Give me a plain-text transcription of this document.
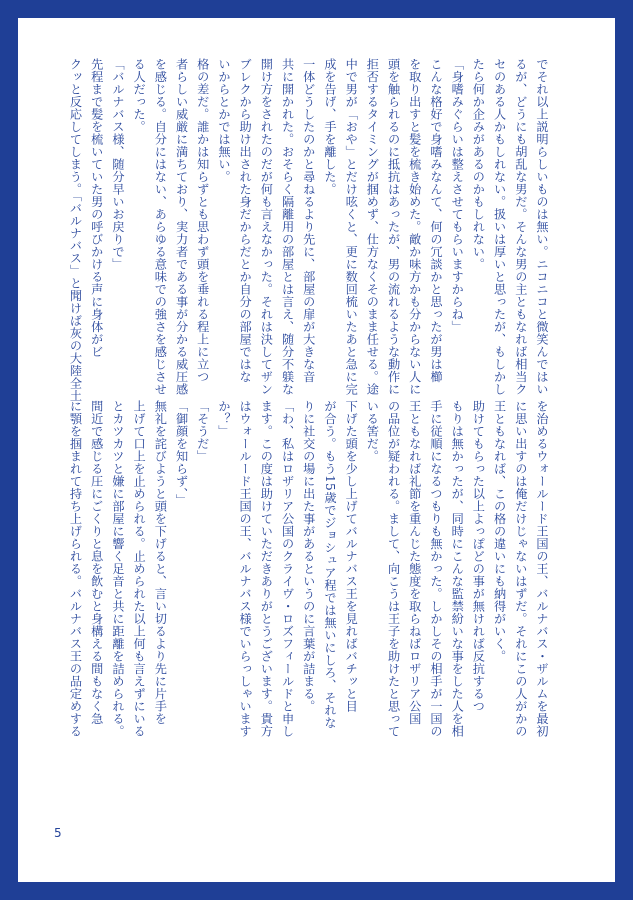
でそれ以上説明らしいものは無い。ニコニコと微笑んではい
るが、どうにも胡乱な男だ。そんな男の主ともなれば相当ク
セのある人かもしれない。扱いは厚いと思ったが、もしかし
たら何か企みがあるのかもしれない。
「身嗜みぐらいは整えさせてもらいますからね」
こんな格好で身嗜みなんて、何の冗談かと思ったが男は櫛
を取り出すと髪を梳き始めた。敵か味方かも分からない人に
頭を触られるのに抵抗はあったが、男の流れるような動作に
拒否するタイミングが掴めず、仕方なくそのまま任せる。途
中で男が「おや」とだけ呟くと、更に数回梳いたあと急に完
成を告げ、手を離した。
一体どうしたのかと尋ねるより先に、部屋の扉が大きな音
共に開かれた。おそらく隔離用の部屋とは言え、随分不躾な
開け方をされたのだが何も言えなかった。それは決してザン
ブレクから助け出された身だからだとか自分の部屋ではな
いからとかでは無い。
格の差だ。誰かは知らずとも思わず頭を垂れる程上に立つ
者らしい威厳に満ちており、実力者である事が分かる威圧感
を感じる。自分にはない、あらゆる意味での強さを感じさせ
る人だった。
「バルナバス様、随分早いお戻りで」
先程まで髪を梳いていた男の呼びかける声に身体がビ
クッと反応してしまう。「バルナバス」と聞けば灰の大陸全土
を治めるウォールード王国の王、バルナバス・ザルムを最初
に思い出すのは俺だけじゃないはずだ。それにこの人がかの
王ともなれば、この格の違いにも納得がいく。
助けてもらった以上よっぽどの事が無ければ反抗するつ
もりは無かったが、同時にこんな監禁紛いな事をした人を相
手に従順になるつもりも無かった。しかしその相手が一国の
王ともなれば礼節を重んじた態度を取らねばロザリア公国
の品位が疑われる。まして、向こうは王子を助けたと思って
いる筈だ。
下げた頭を少し上げてバルナバス王を見ればバチッと目
が合う。もう15歳でジョシュア程では無いにしろ、それな
りに社交の場に出た事があるというのに言葉が詰まる。
「わ、私はロザリア公国のクライヴ・ロズフィールドと申し
ます。この度は助けていただきありがとうございます。貴方
はウォールード王国の王、バルナバス様でいらっしゃいます
か？」
「そうだ」
「御顔を知らず、」
無礼を詫びようと頭を下げると、言い切るより先に片手を
上げて口上を止められる。止められた以上何も言えずにいる
とカツカツと嫌に部屋に響く足音と共に距離を詰められる。
間近で感じる圧にごくりと息を飲むと身構える間もなく急
に顎を掴まれて持ち上げられる。バルナバス王の品定めする
5
